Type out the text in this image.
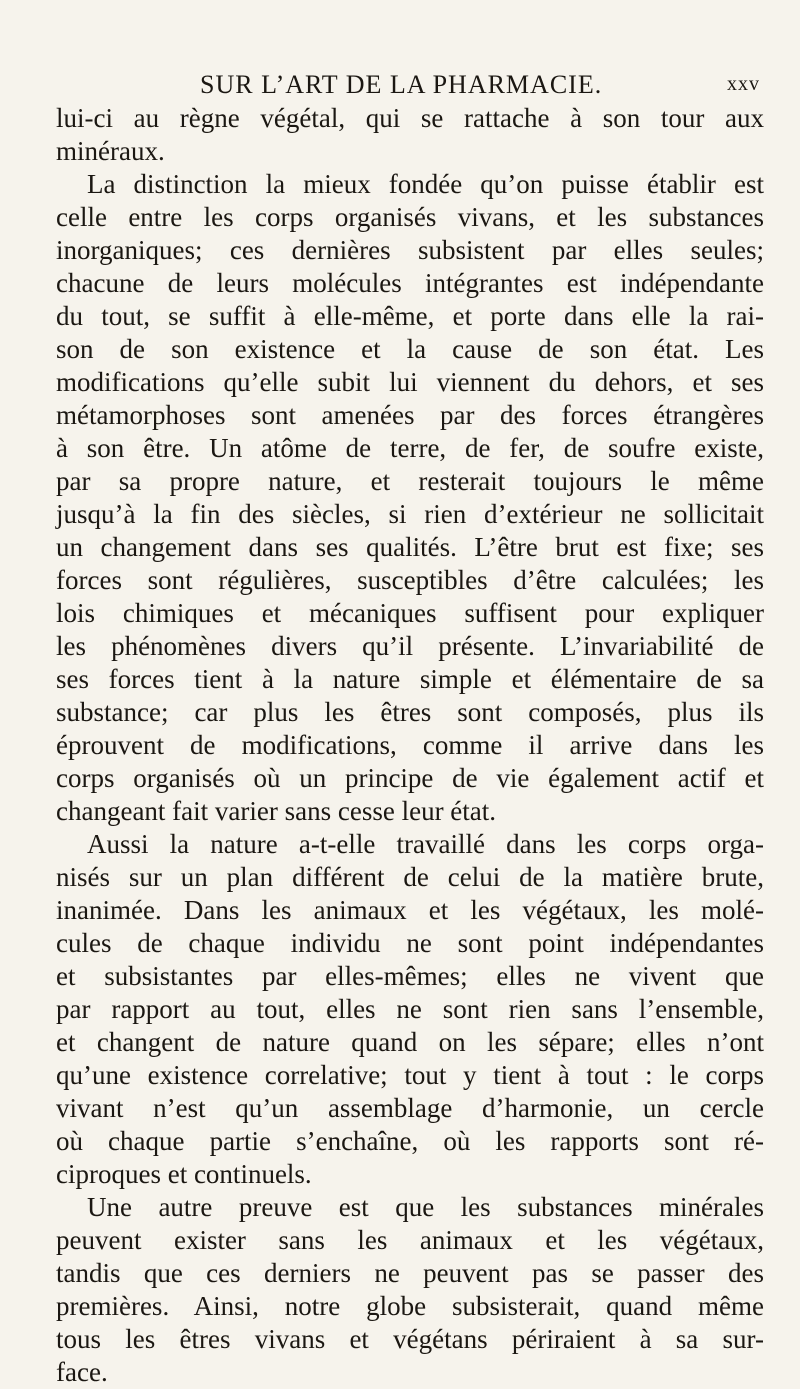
SUR L’ART DE LA PHARMACIE.	xxv
lui-ci au règne végétal, qui se rattache à son tour aux
minéraux.
La distinction la mieux fondée qu’on puisse établir est
celle entre les corps organisés vivans, et les substances
inorganiques; ces dernières subsistent par elles seules;
chacune de leurs molécules intégrantes est indépendante
du tout, se suffit à elle-même, et porte dans elle la rai-
son de son existence et la cause de son état. Les
modifications qu’elle subit lui viennent du dehors, et ses
métamorphoses sont amenées par des forces étrangères
à son être. Un atôme de terre, de fer, de soufre existe,
par sa propre nature, et resterait toujours le même
jusqu’à la fin des siècles, si rien d’extérieur ne sollicitait
un changement dans ses qualités. L’être brut est fixe; ses
forces sont régulières, susceptibles d’être calculées; les
lois chimiques et mécaniques suffisent pour expliquer
les phénomènes divers qu’il présente. L’invariabilité de
ses forces tient à la nature simple et élémentaire de sa
substance; car plus les êtres sont composés, plus ils
éprouvent de modifications, comme il arrive dans les
corps organisés où un principe de vie également actif et
changeant fait varier sans cesse leur état.
Aussi la nature a-t-elle travaillé dans les corps orga-
nisés sur un plan différent de celui de la matière brute,
inanimée. Dans les animaux et les végétaux, les molé-
cules de chaque individu ne sont point indépendantes
et subsistantes par elles-mêmes; elles ne vivent que
par rapport au tout, elles ne sont rien sans l’ensemble,
et changent de nature quand on les sépare; elles n’ont
qu’une existence correlative; tout y tient à tout : le corps
vivant n’est qu’un assemblage d’harmonie, un cercle
où chaque partie s’enchaîne, où les rapports sont ré-
ciproques et continuels.
Une autre preuve est que les substances minérales
peuvent exister sans les animaux et les végétaux,
tandis que ces derniers ne peuvent pas se passer des
premières. Ainsi, notre globe subsisterait, quand même
tous les êtres vivans et végétans périraient à sa sur-
face.
